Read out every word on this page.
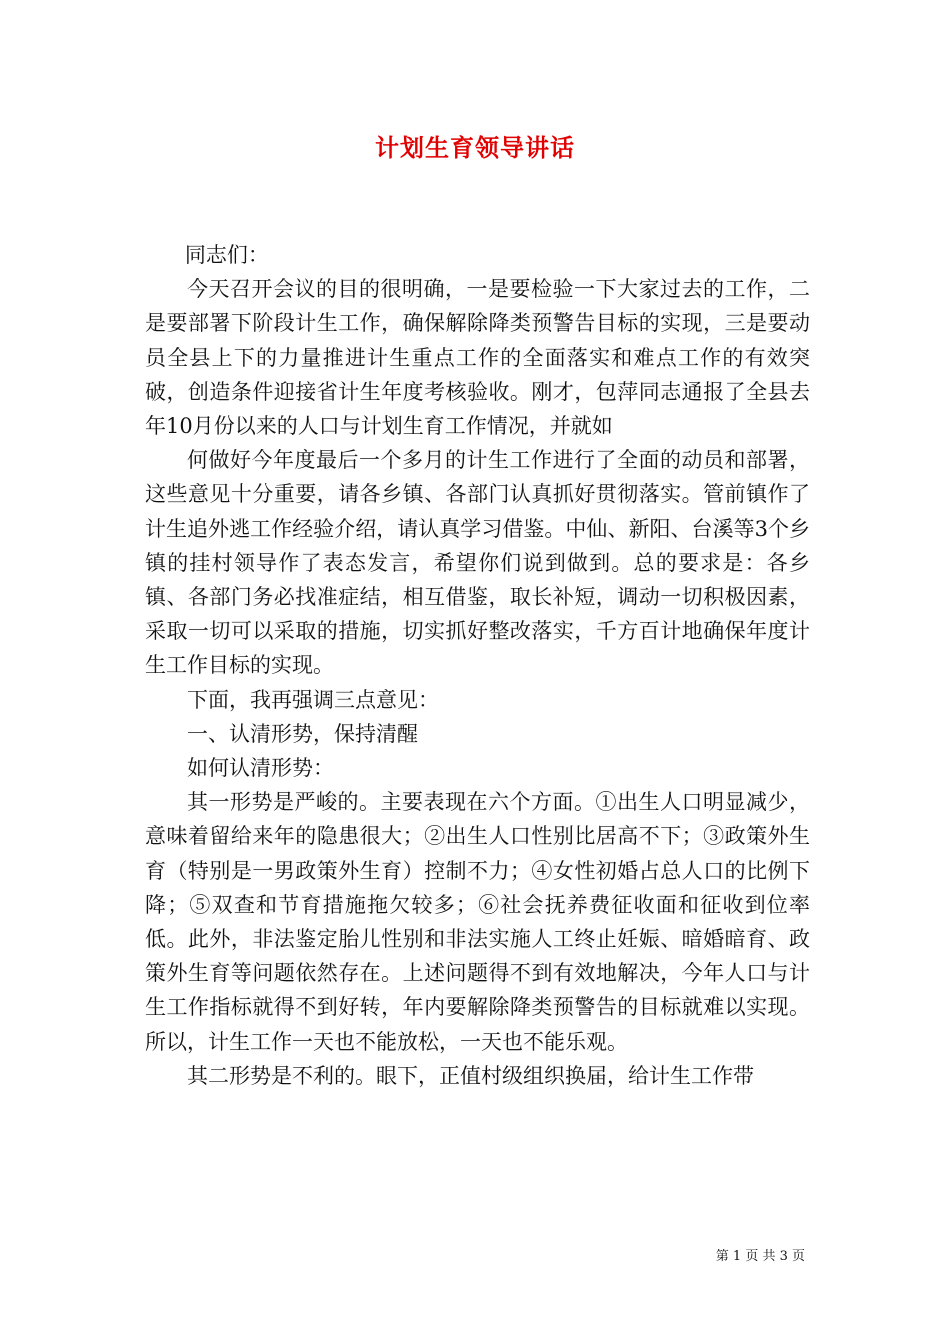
计划生育领导讲话

同志们：

今天召开会议的目的很明确，一是要检验一下大家过去的工作，二是要部署下阶段计生工作，确保解除降类预警告目标的实现，三是要动员全县上下的力量推进计生重点工作的全面落实和难点工作的有效突破，创造条件迎接省计生年度考核验收。刚才，包萍同志通报了全县去年10月份以来的人口与计划生育工作情况，并就如

何做好今年度最后一个多月的计生工作进行了全面的动员和部署，这些意见十分重要，请各乡镇、各部门认真抓好贯彻落实。管前镇作了计生追外逃工作经验介绍，请认真学习借鉴。中仙、新阳、台溪等3个乡镇的挂村领导作了表态发言，希望你们说到做到。总的要求是：各乡镇、各部门务必找准症结，相互借鉴，取长补短，调动一切积极因素，采取一切可以采取的措施，切实抓好整改落实，千方百计地确保年度计生工作目标的实现。

下面，我再强调三点意见：

一、认清形势，保持清醒

如何认清形势：

其一形势是严峻的。主要表现在六个方面。①出生人口明显减少，意味着留给来年的隐患很大；②出生人口性别比居高不下；③政策外生育（特别是一男政策外生育）控制不力；④女性初婚占总人口的比例下降；⑤双查和节育措施拖欠较多；⑥社会抚养费征收面和征收到位率低。此外，非法鉴定胎儿性别和非法实施人工终止妊娠、暗婚暗育、政策外生育等问题依然存在。上述问题得不到有效地解决，今年人口与计生工作指标就得不到好转，年内要解除降类预警告的目标就难以实现。所以，计生工作一天也不能放松，一天也不能乐观。

其二形势是不利的。眼下，正值村级组织换届，给计生工作带

第 1 页 共 3 页
